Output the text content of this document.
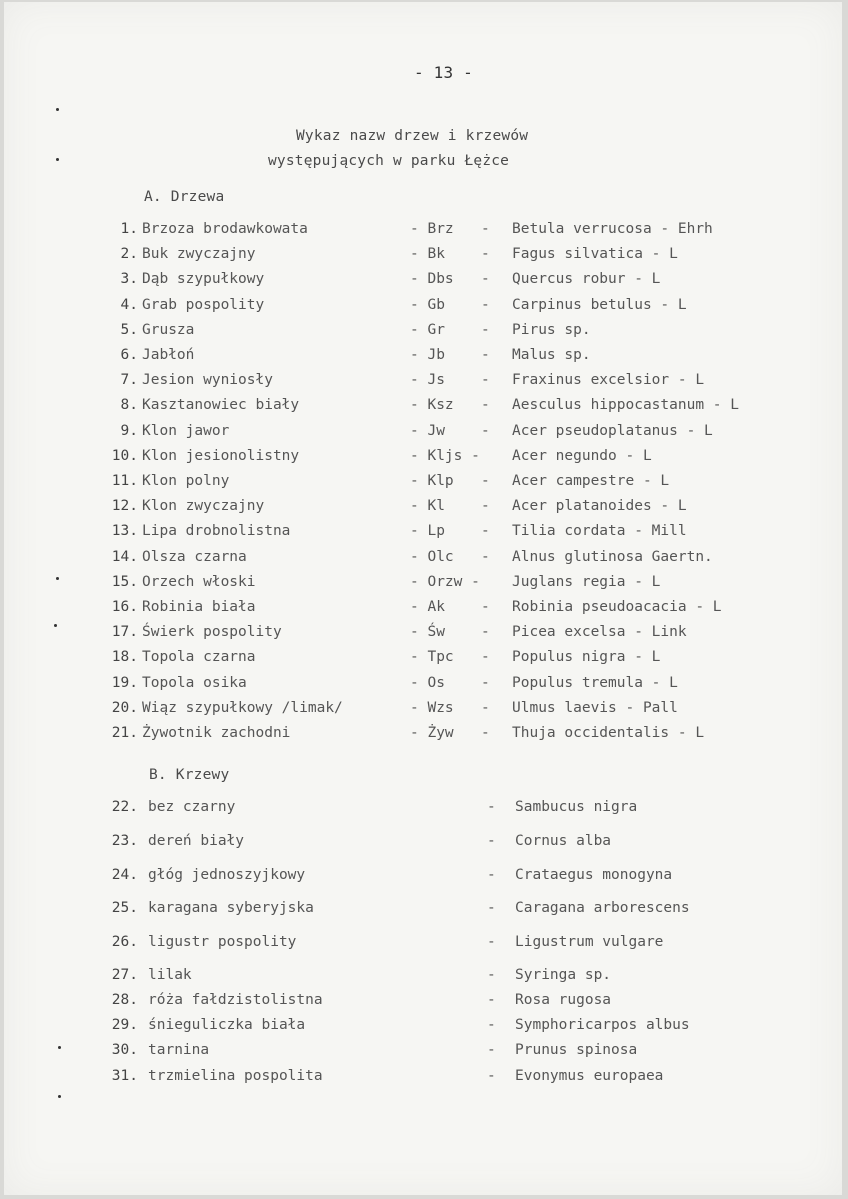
- 13 -
Wykaz nazw drzew i krzewów
występujących w parku Łężce
A. Drzewa
1. Brzoza brodawkowata	- Brz - Betula verrucosa - Ehrh
2. Buk zwyczajny	- Bk - Fagus silvatica - L
3. Dąb szypułkowy	- Dbs - Quercus robur - L
4. Grab pospolity	- Gb - Carpinus betulus - L
5. Grusza	- Gr - Pirus sp.
6. Jabłoń	- Jb - Malus sp.
7. Jesion wyniosły	- Js - Fraxinus excelsior - L
8. Kasztanowiec biały	- Ksz - Aesculus hippocastanum - L
9. Klon jawor	- Jw - Acer pseudoplatanus - L
10. Klon jesionolistny	- Kljs - Acer negundo - L
11. Klon polny	- Klp - Acer campestre - L
12. Klon zwyczajny	- Kl - Acer platanoides - L
13. Lipa drobnolistna	- Lp - Tilia cordata - Mill
14. Olsza czarna	- Olc - Alnus glutinosa Gaertn.
15. Orzech włoski	- Orzw - Juglans regia - L
16. Robinia biała	- Ak - Robinia pseudoacacia - L
17. Świerk pospolity	- Św - Picea excelsa - Link
18. Topola czarna	- Tpc - Populus nigra - L
19. Topola osika	- Os - Populus tremula - L
20. Wiąz szypułkowy /limak/	- Wzs - Ulmus laevis - Pall
21. Żywotnik zachodni	- Żyw - Thuja occidentalis - L
B. Krzewy
22. bez czarny	- Sambucus nigra
23. dereń biały	- Cornus alba
24. głóg jednoszyjkowy	- Crataegus monogyna
25. karagana syberyjska	- Caragana arborescens
26. ligustr pospolity	- Ligustrum vulgare
27. lilak	- Syringa sp.
28. róża fałdzistolistna	- Rosa rugosa
29. śnieguliczka biała	- Symphoricarpos albus
30. tarnina	- Prunus spinosa
31. trzmielina pospolita	- Evonymus europaea
